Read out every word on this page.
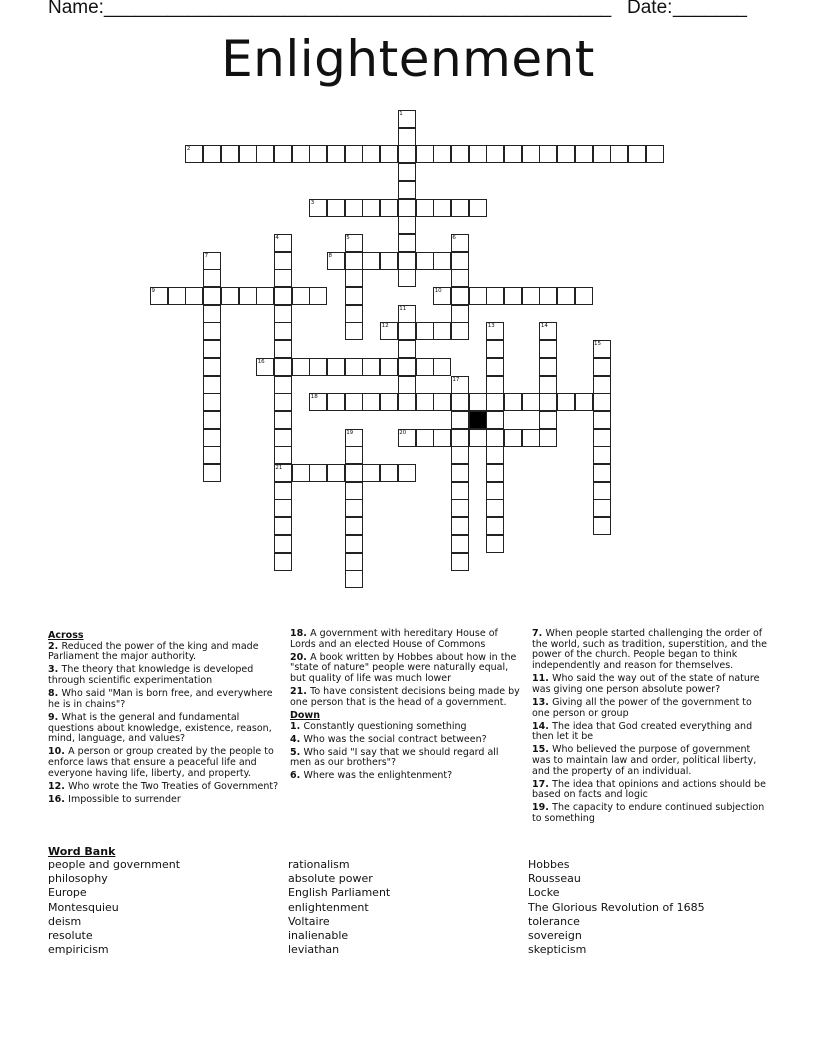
Name: ________________________________________________ Date: _______
Enlightenment
1
2
3
4
21
5	6
7	8
9	10
11
12	13	14
15
16
17
18
19	20
Across
2. Reduced the power of the king and made Parliament the major authority.
3. The theory that knowledge is developed through scientific experimentation
8. Who said "Man is born free, and everywhere he is in chains"?
9. What is the general and fundamental questions about knowledge, existence, reason, mind, language, and values?
10. A person or group created by the people to enforce laws that ensure a peaceful life and everyone having life, liberty, and property.
12. Who wrote the Two Treaties of Government?
16. Impossible to surrender
18. A government with hereditary House of Lords and an elected House of Commons
20. A book written by Hobbes about how in the "state of nature" people were naturally equal, but quality of life was much lower
21. To have consistent decisions being made by one person that is the head of a government.
Down
1. Constantly questioning something
4. Who was the social contract between?
5. Who said "I say that we should regard all men as our brothers"?
6. Where was the enlightenment?
7. When people started challenging the order of the world, such as tradition, superstition, and the power of the church. People began to think independently and reason for themselves.
11. Who said the way out of the state of nature was giving one person absolute power?
13. Giving all the power of the government to one person or group
14. The idea that God created everything and then let it be
15. Who believed the purpose of government was to maintain law and order, political liberty, and the property of an individual.
17. The idea that opinions and actions should be based on facts and logic
19. The capacity to endure continued subjection to something
Word Bank
people and government
philosophy
Europe
Montesquieu
deism
resolute
empiricism
rationalism
absolute power
English Parliament
enlightenment
Voltaire
inalienable
leviathan
Hobbes
Rousseau
Locke
The Glorious Revolution of 1685
tolerance
sovereign
skepticism
